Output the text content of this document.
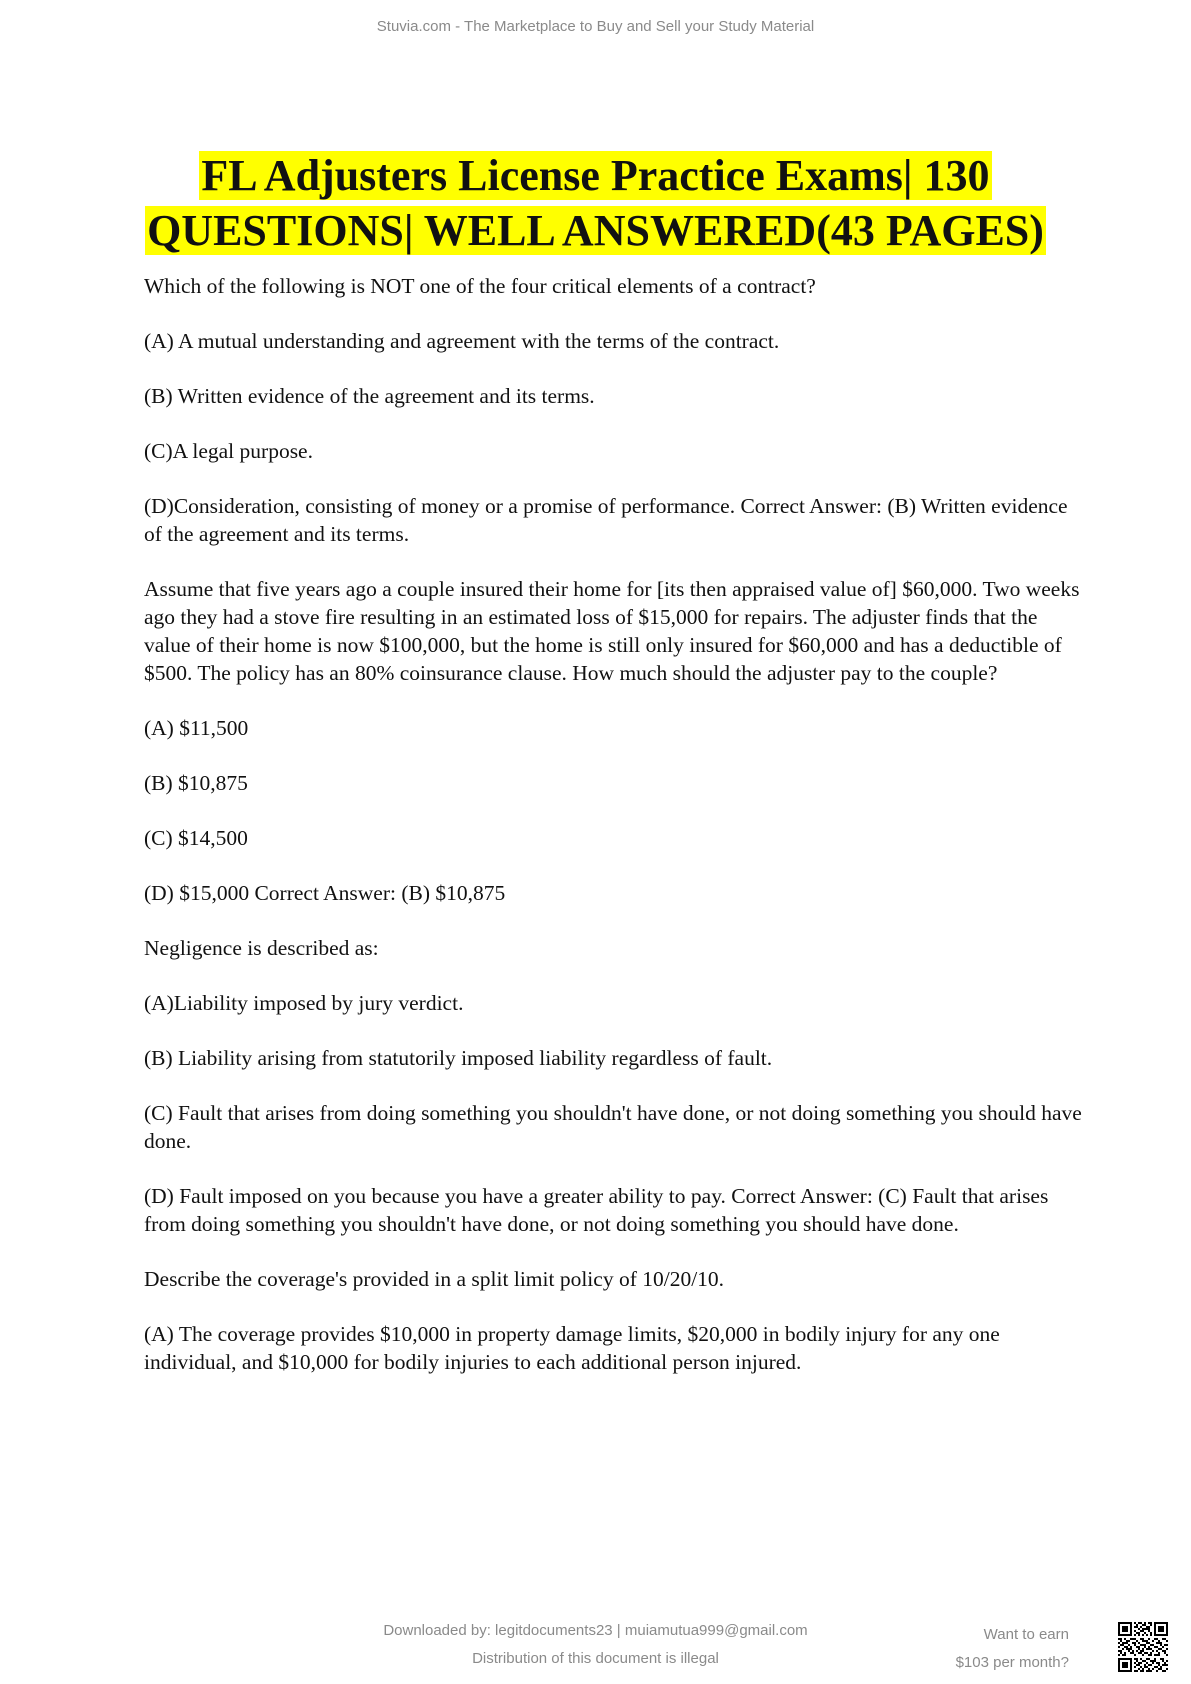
Stuvia.com - The Marketplace to Buy and Sell your Study Material
FL Adjusters License Practice Exams| 130
QUESTIONS| WELL ANSWERED(43 PAGES)

Which of the following is NOT one of the four critical elements of a contract?

(A) A mutual understanding and agreement with the terms of the contract.

(B) Written evidence of the agreement and its terms.

(C)A legal purpose.

(D)Consideration, consisting of money or a promise of performance. Correct Answer: (B) Written evidence of the agreement and its terms.

Assume that five years ago a couple insured their home for [its then appraised value of] $60,000. Two weeks ago they had a stove fire resulting in an estimated loss of $15,000 for repairs. The adjuster finds that the value of their home is now $100,000, but the home is still only insured for $60,000 and has a deductible of $500. The policy has an 80% coinsurance clause. How much should the adjuster pay to the couple?

(A) $11,500

(B) $10,875

(C) $14,500

(D) $15,000 Correct Answer: (B) $10,875

Negligence is described as:

(A)Liability imposed by jury verdict.

(B) Liability arising from statutorily imposed liability regardless of fault.

(C) Fault that arises from doing something you shouldn't have done, or not doing something you should have done.

(D) Fault imposed on you because you have a greater ability to pay. Correct Answer: (C) Fault that arises from doing something you shouldn't have done, or not doing something you should have done.

Describe the coverage's provided in a split limit policy of 10/20/10.

(A) The coverage provides $10,000 in property damage limits, $20,000 in bodily injury for any one individual, and $10,000 for bodily injuries to each additional person injured.

Downloaded by: legitdocuments23 | muiamutua999@gmail.com
Distribution of this document is illegal
Want to earn
$103 per month?
